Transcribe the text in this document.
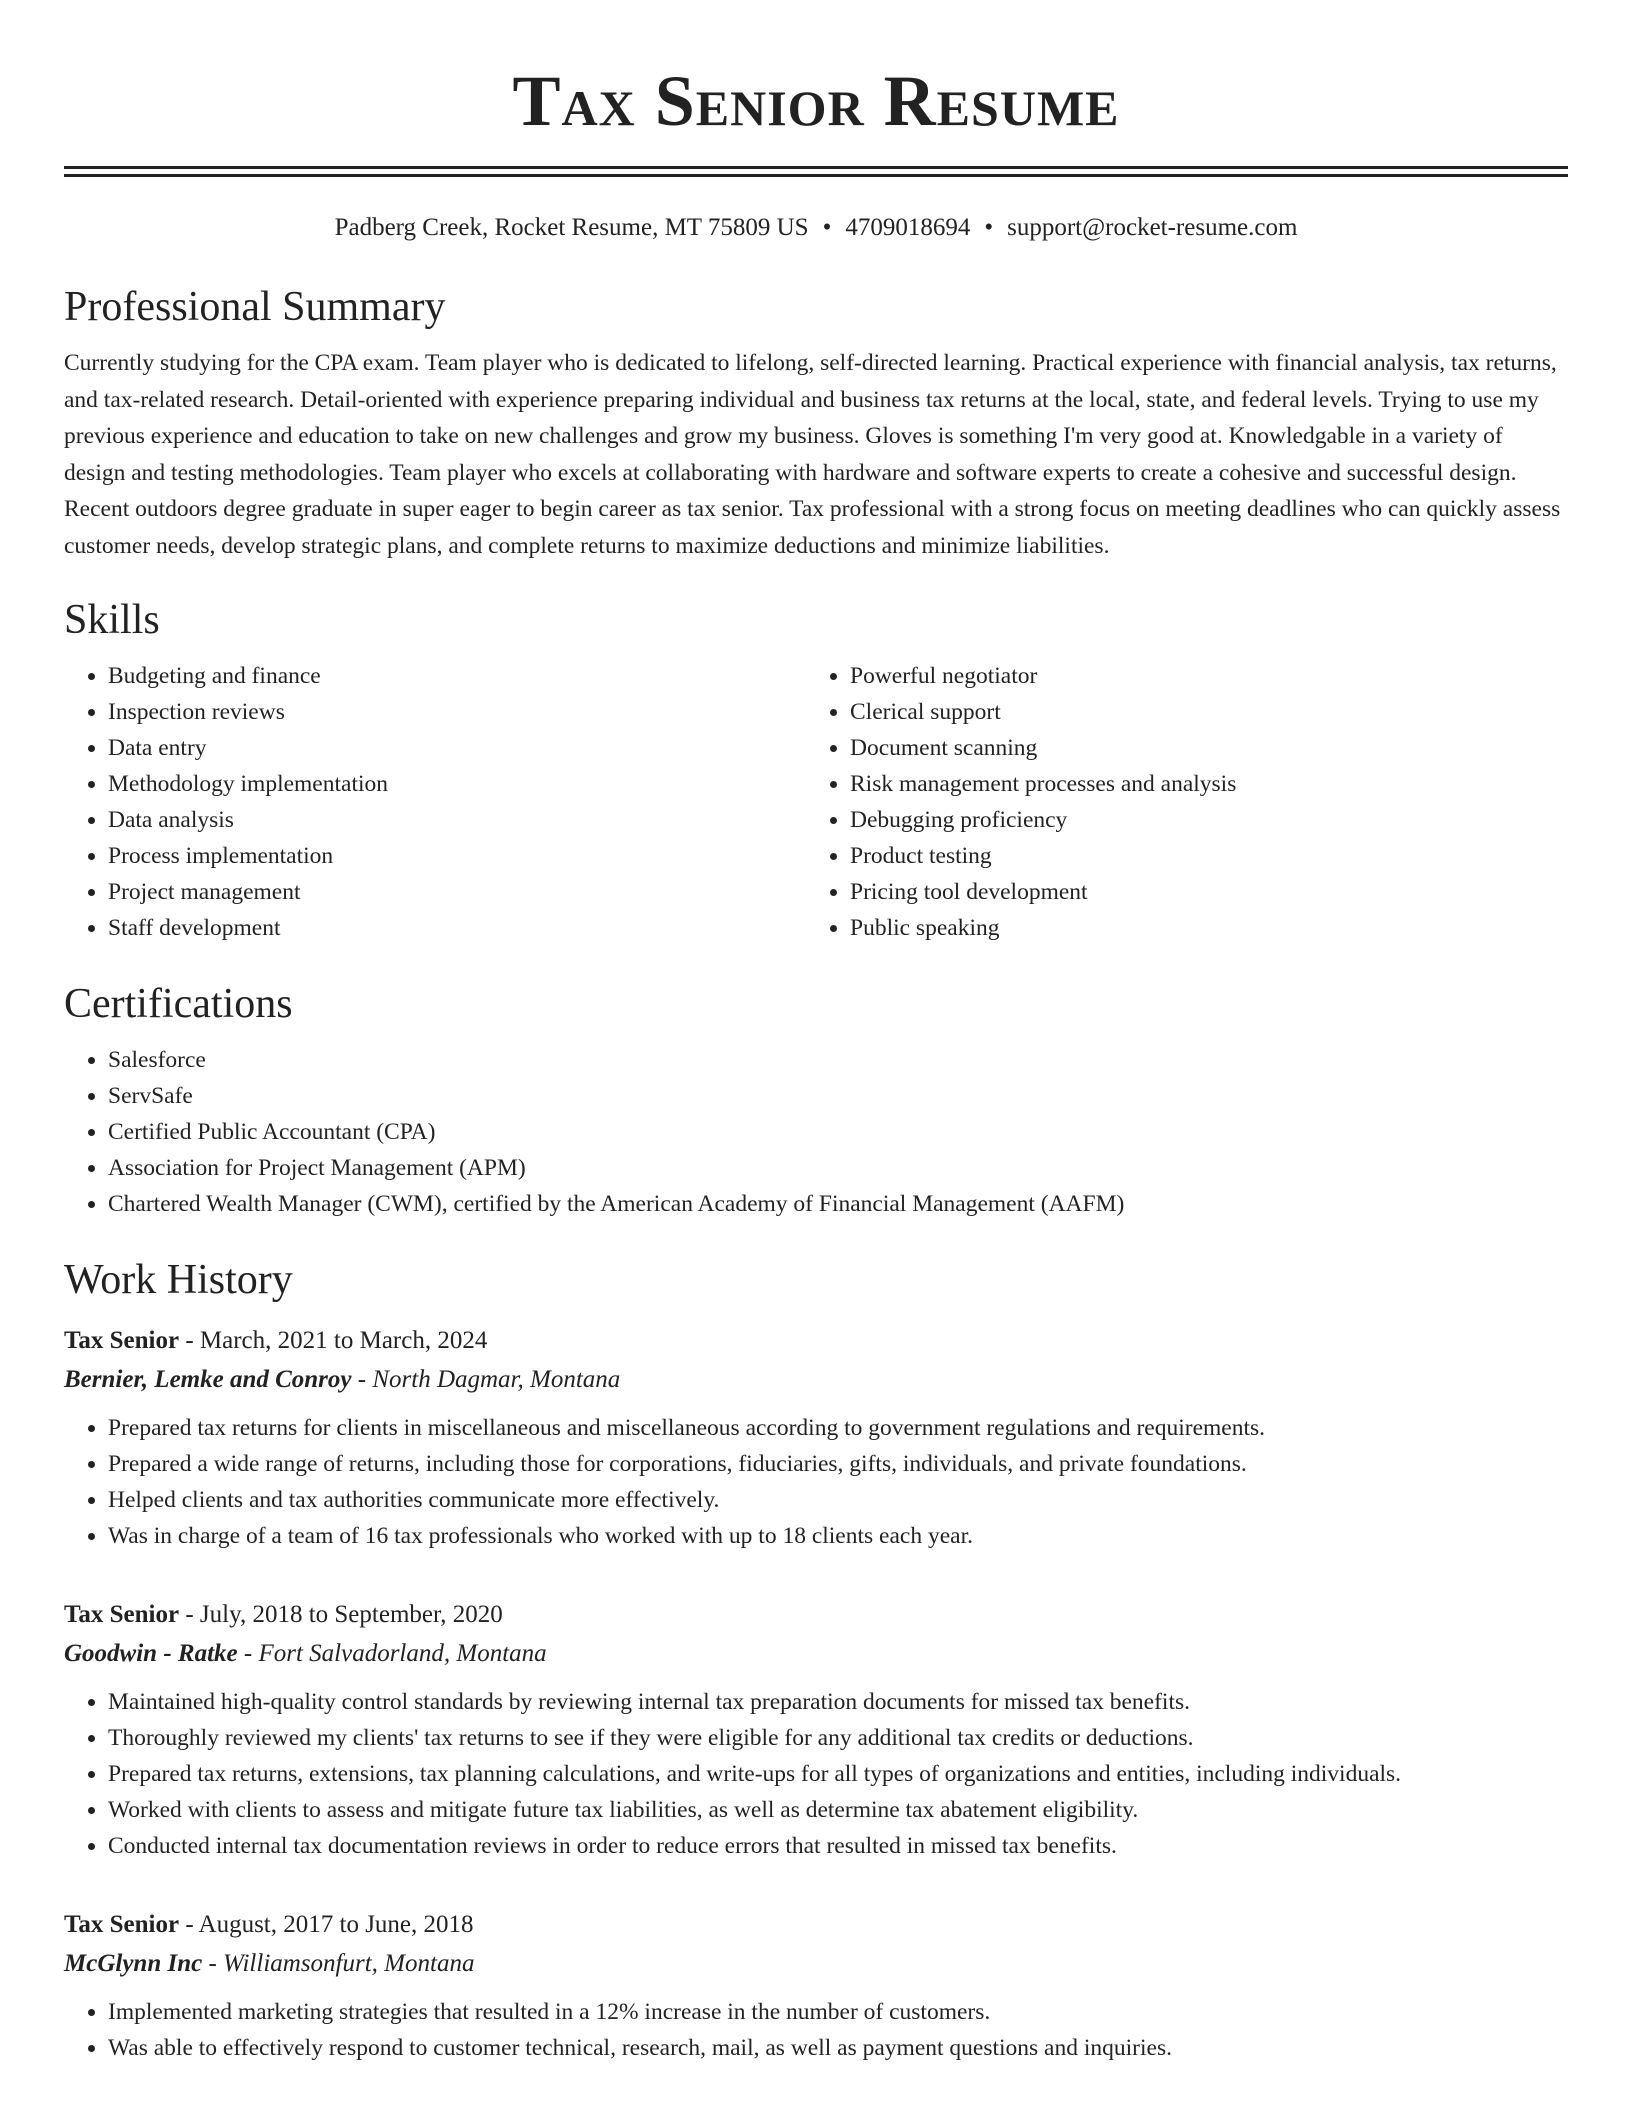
Tax Senior Resume
Padberg Creek, Rocket Resume, MT 75809 US • 4709018694 • support@rocket-resume.com
Professional Summary

Currently studying for the CPA exam. Team player who is dedicated to lifelong, self-directed learning. Practical experience with financial analysis, tax returns, and tax-related research. Detail-oriented with experience preparing individual and business tax returns at the local, state, and federal levels. Trying to use my previous experience and education to take on new challenges and grow my business. Gloves is something I'm very good at. Knowledgable in a variety of design and testing methodologies. Team player who excels at collaborating with hardware and software experts to create a cohesive and successful design. Recent outdoors degree graduate in super eager to begin career as tax senior. Tax professional with a strong focus on meeting deadlines who can quickly assess customer needs, develop strategic plans, and complete returns to maximize deductions and minimize liabilities.

Skills
• Budgeting and finance
• Inspection reviews
• Data entry
• Methodology implementation
• Data analysis
• Process implementation
• Project management
• Staff development
• Powerful negotiator
• Clerical support
• Document scanning
• Risk management processes and analysis
• Debugging proficiency
• Product testing
• Pricing tool development
• Public speaking
Certifications
• Salesforce
• ServSafe
• Certified Public Accountant (CPA)
• Association for Project Management (APM)
• Chartered Wealth Manager (CWM), certified by the American Academy of Financial Management (AAFM)
Work History
Tax Senior - March, 2021 to March, 2024
Bernier, Lemke and Conroy - North Dagmar, Montana
• Prepared tax returns for clients in miscellaneous and miscellaneous according to government regulations and requirements.
• Prepared a wide range of returns, including those for corporations, fiduciaries, gifts, individuals, and private foundations.
• Helped clients and tax authorities communicate more effectively.
• Was in charge of a team of 16 tax professionals who worked with up to 18 clients each year.
Tax Senior - July, 2018 to September, 2020
Goodwin - Ratke - Fort Salvadorland, Montana
• Maintained high-quality control standards by reviewing internal tax preparation documents for missed tax benefits.
• Thoroughly reviewed my clients' tax returns to see if they were eligible for any additional tax credits or deductions.
• Prepared tax returns, extensions, tax planning calculations, and write-ups for all types of organizations and entities, including individuals.
• Worked with clients to assess and mitigate future tax liabilities, as well as determine tax abatement eligibility.
• Conducted internal tax documentation reviews in order to reduce errors that resulted in missed tax benefits.
Tax Senior - August, 2017 to June, 2018
McGlynn Inc - Williamsonfurt, Montana
• Implemented marketing strategies that resulted in a 12% increase in the number of customers.
• Was able to effectively respond to customer technical, research, mail, as well as payment questions and inquiries.
